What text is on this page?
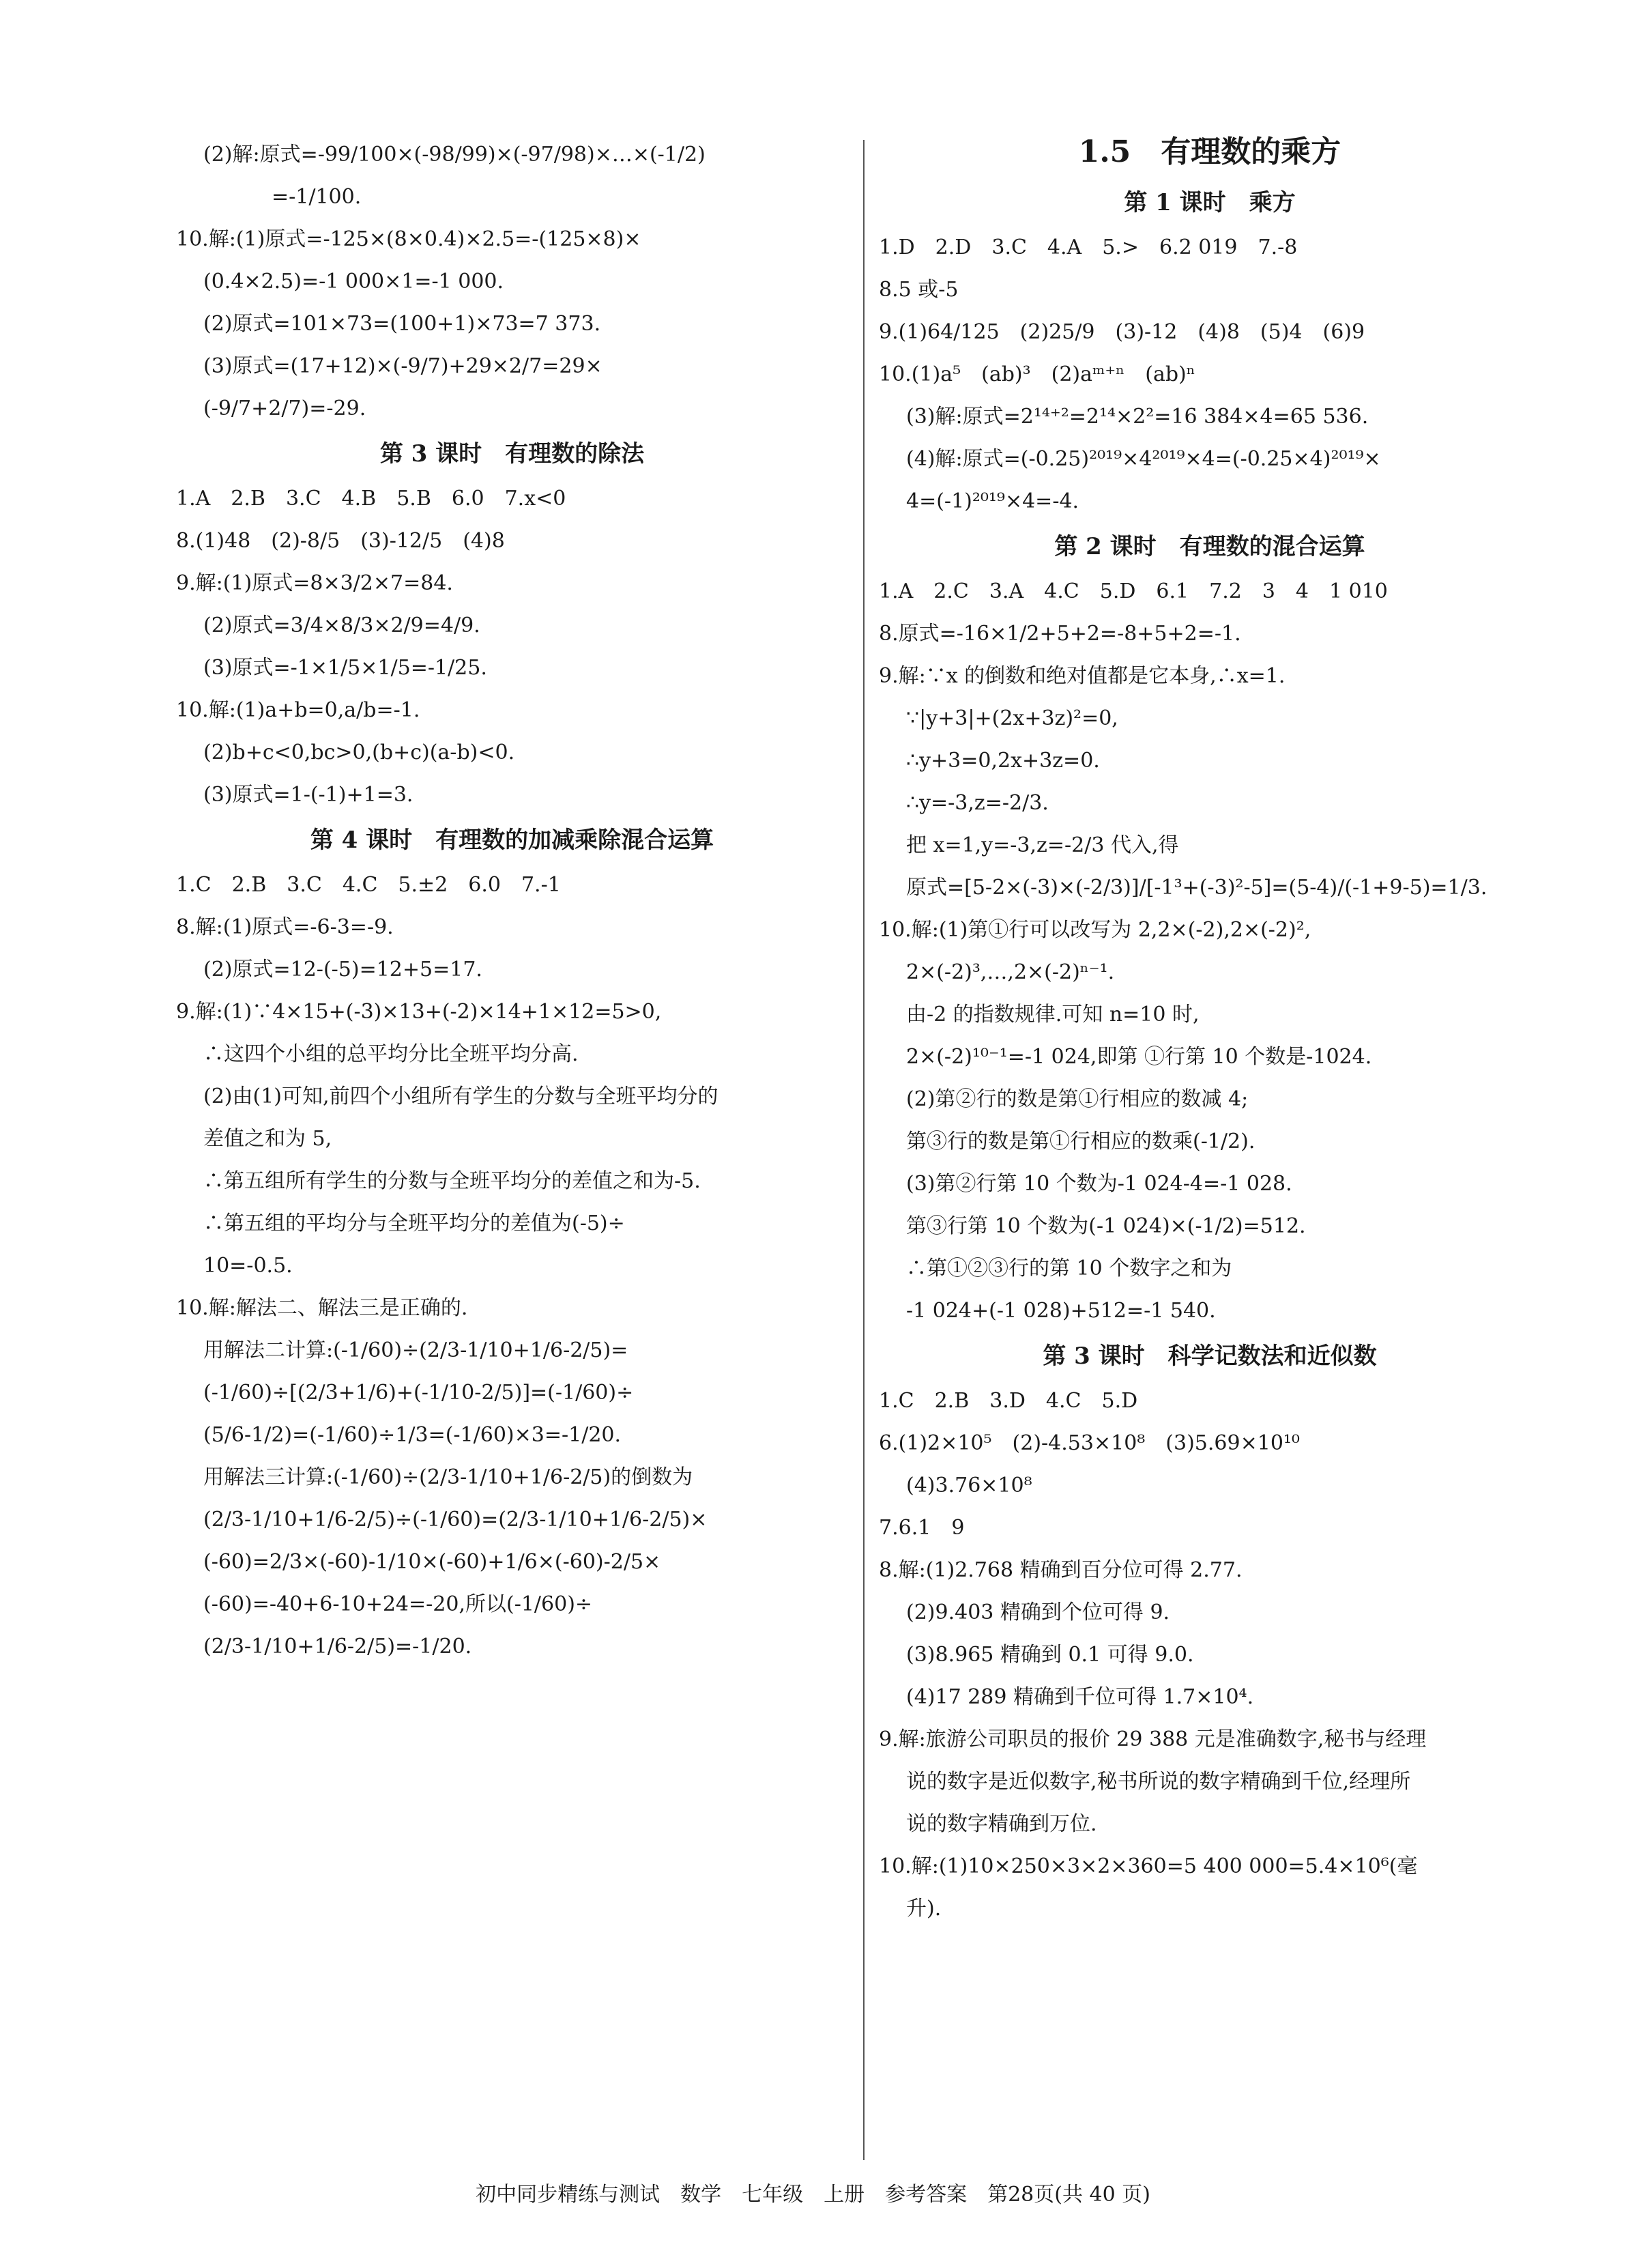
(2)解:原式=-99/100×(-98/99)×(-97/98)×…×(-1/2)
=-1/100.
10.解:(1)原式=-125×(8×0.4)×2.5=-(125×8)×
(0.4×2.5)=-1 000×1=-1 000.
(2)原式=101×73=(100+1)×73=7 373.
(3)原式=(17+12)×(-9/7)+29×2/7=29×
(-9/7+2/7)=-29.
第 3 课时　有理数的除法
1.A　2.B　3.C　4.B　5.B　6.0　7.x<0
8.(1)48　(2)-8/5　(3)-12/5　(4)8
9.解:(1)原式=8×3/2×7=84.
(2)原式=3/4×8/3×2/9=4/9.
(3)原式=-1×1/5×1/5=-1/25.
10.解:(1)a+b=0,a/b=-1.
(2)b+c<0,bc>0,(b+c)(a-b)<0.
(3)原式=1-(-1)+1=3.
第 4 课时　有理数的加减乘除混合运算
1.C　2.B　3.C　4.C　5.±2　6.0　7.-1
8.解:(1)原式=-6-3=-9.
(2)原式=12-(-5)=12+5=17.
9.解:(1)∵4×15+(-3)×13+(-2)×14+1×12=5>0,
∴这四个小组的总平均分比全班平均分高.
(2)由(1)可知,前四个小组所有学生的分数与全班平均分的
差值之和为 5,
∴第五组所有学生的分数与全班平均分的差值之和为-5.
∴第五组的平均分与全班平均分的差值为(-5)÷
10=-0.5.
10.解:解法二、解法三是正确的.
用解法二计算:(-1/60)÷(2/3-1/10+1/6-2/5)=
(-1/60)÷[(2/3+1/6)+(-1/10-2/5)]=(-1/60)÷
(5/6-1/2)=(-1/60)÷1/3=(-1/60)×3=-1/20.
用解法三计算:(-1/60)÷(2/3-1/10+1/6-2/5)的倒数为
(2/3-1/10+1/6-2/5)÷(-1/60)=(2/3-1/10+1/6-2/5)×
(-60)=2/3×(-60)-1/10×(-60)+1/6×(-60)-2/5×
(-60)=-40+6-10+24=-20,所以(-1/60)÷
(2/3-1/10+1/6-2/5)=-1/20.
1.5　有理数的乘方
第 1 课时　乘方
1.D　2.D　3.C　4.A　5.>　6.2 019　7.-8
8.5 或-5
9.(1)64/125　(2)25/9　(3)-12　(4)8　(5)4　(6)9
10.(1)a⁵　(ab)³　(2)aᵐ⁺ⁿ　(ab)ⁿ
(3)解:原式=2¹⁴⁺²=2¹⁴×2²=16 384×4=65 536.
(4)解:原式=(-0.25)²⁰¹⁹×4²⁰¹⁹×4=(-0.25×4)²⁰¹⁹×
4=(-1)²⁰¹⁹×4=-4.
第 2 课时　有理数的混合运算
1.A　2.C　3.A　4.C　5.D　6.1　7.2　3　4　1 010
8.原式=-16×1/2+5+2=-8+5+2=-1.
9.解:∵x 的倒数和绝对值都是它本身,∴x=1.
∵|y+3|+(2x+3z)²=0,
∴y+3=0,2x+3z=0.
∴y=-3,z=-2/3.
把 x=1,y=-3,z=-2/3 代入,得
原式=[5-2×(-3)×(-2/3)]/[-1³+(-3)²-5]=(5-4)/(-1+9-5)=1/3.
10.解:(1)第①行可以改写为 2,2×(-2),2×(-2)²,
2×(-2)³,…,2×(-2)ⁿ⁻¹.
由-2 的指数规律.可知 n=10 时,
2×(-2)¹⁰⁻¹=-1 024,即第 ①行第 10 个数是-1024.
(2)第②行的数是第①行相应的数减 4;
第③行的数是第①行相应的数乘(-1/2).
(3)第②行第 10 个数为-1 024-4=-1 028.
第③行第 10 个数为(-1 024)×(-1/2)=512.
∴第①②③行的第 10 个数字之和为
-1 024+(-1 028)+512=-1 540.
第 3 课时　科学记数法和近似数
1.C　2.B　3.D　4.C　5.D
6.(1)2×10⁵　(2)-4.53×10⁸　(3)5.69×10¹⁰
(4)3.76×10⁸
7.6.1　9
8.解:(1)2.768 精确到百分位可得 2.77.
(2)9.403 精确到个位可得 9.
(3)8.965 精确到 0.1 可得 9.0.
(4)17 289 精确到千位可得 1.7×10⁴.
9.解:旅游公司职员的报价 29 388 元是准确数字,秘书与经理
说的数字是近似数字,秘书所说的数字精确到千位,经理所
说的数字精确到万位.
10.解:(1)10×250×3×2×360=5 400 000=5.4×10⁶(毫
升).
初中同步精练与测试　数学　七年级　上册　参考答案　第28页(共 40 页)
